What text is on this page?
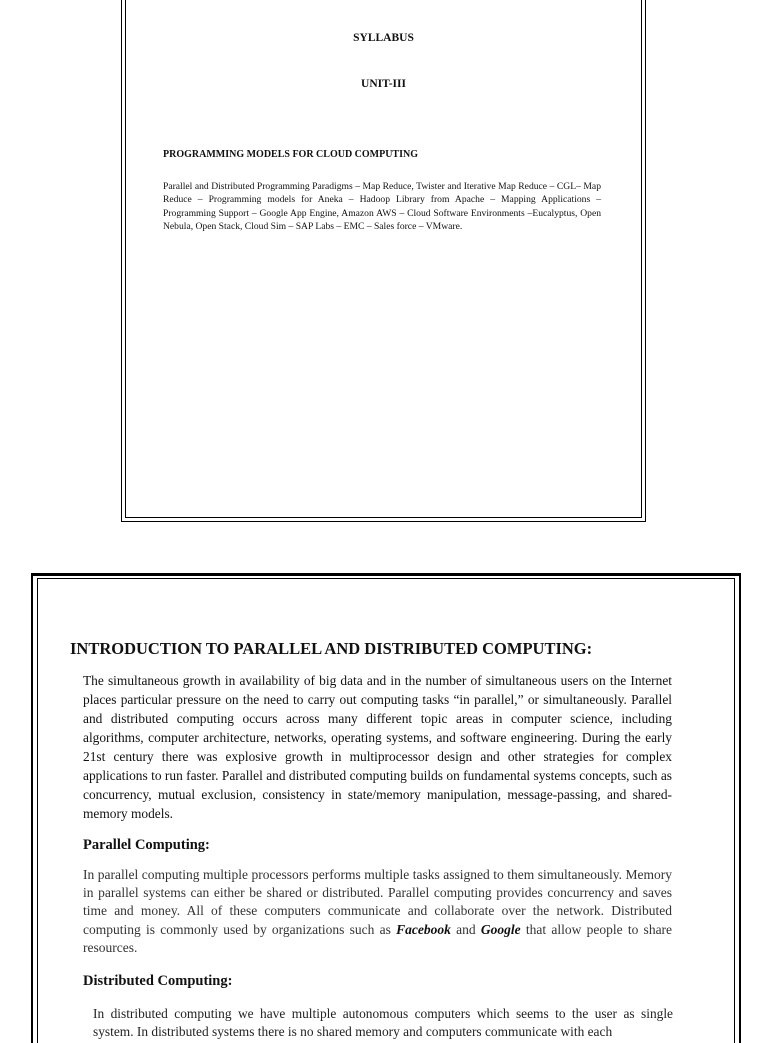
SYLLABUS
UNIT-III
PROGRAMMING MODELS FOR CLOUD COMPUTING

Parallel and Distributed Programming Paradigms – Map Reduce, Twister and Iterative Map Reduce – CGL– Map Reduce – Programming models for Aneka – Hadoop Library from Apache – Mapping Applications – Programming Support – Google App Engine, Amazon AWS – Cloud Software Environments –Eucalyptus, Open Nebula, Open Stack, Cloud Sim – SAP Labs – EMC – Sales force – VMware.

INTRODUCTION TO PARALLEL AND DISTRIBUTED COMPUTING:

The simultaneous growth in availability of big data and in the number of simultaneous users on the Internet places particular pressure on the need to carry out computing tasks “in parallel,” or simultaneously. Parallel and distributed computing occurs across many different topic areas in computer science, including algorithms, computer architecture, networks, operating systems, and software engineering. During the early 21st century there was explosive growth in multiprocessor design and other strategies for complex applications to run faster. Parallel and distributed computing builds on fundamental systems concepts, such as concurrency, mutual exclusion, consistency in state/memory manipulation, message-passing, and shared-memory models.

Parallel Computing:

In parallel computing multiple processors performs multiple tasks assigned to them simultaneously. Memory in parallel systems can either be shared or distributed. Parallel computing provides concurrency and saves time and money. All of these computers communicate and collaborate over the network. Distributed computing is commonly used by organizations such as Facebook and Google that allow people to share resources.

Distributed Computing:

In distributed computing we have multiple autonomous computers which seems to the user as single system. In distributed systems there is no shared memory and computers communicate with each
